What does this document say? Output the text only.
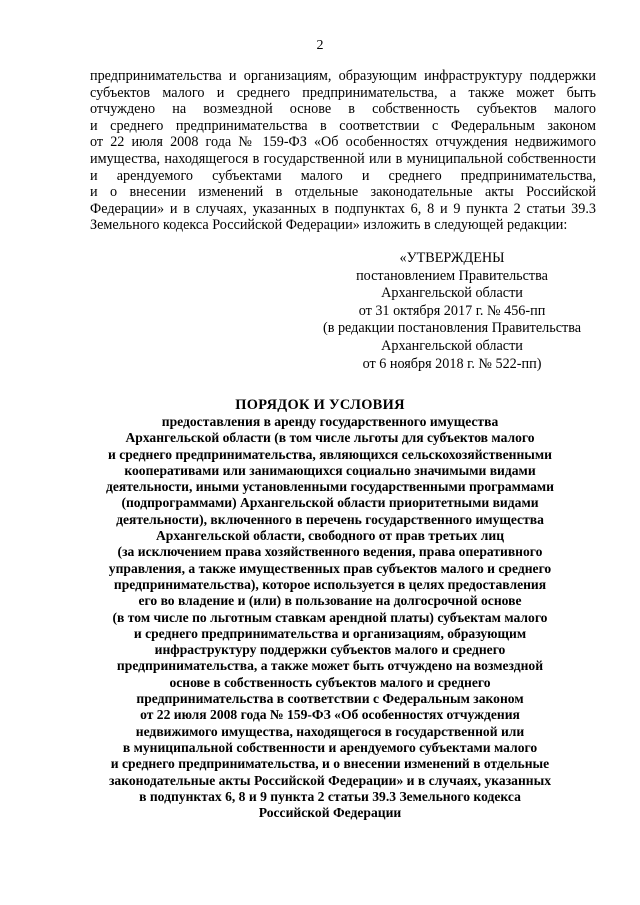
2
предпринимательства и организациям, образующим инфраструктуру поддержки
субъектов малого и среднего предпринимательства, а также может быть
отчуждено на возмездной основе в собственность субъектов малого
и среднего предпринимательства в соответствии с Федеральным законом
от 22 июля 2008 года № 159-ФЗ «Об особенностях отчуждения недвижимого
имущества, находящегося в государственной или в муниципальной собственности
и арендуемого субъектами малого и среднего предпринимательства,
и о внесении изменений в отдельные законодательные акты Российской
Федерации» и в случаях, указанных в подпунктах 6, 8 и 9 пункта 2 статьи 39.3
Земельного кодекса Российской Федерации» изложить в следующей редакции:
«УТВЕРЖДЕНЫ
постановлением Правительства
Архангельской области
от 31 октября 2017 г. № 456-пп
(в редакции постановления Правительства
Архангельской области
от 6 ноября 2018 г. № 522-пп)
ПОРЯДОК И УСЛОВИЯ
предоставления в аренду государственного имущества
Архангельской области (в том числе льготы для субъектов малого
и среднего предпринимательства, являющихся сельскохозяйственными
кооперативами или занимающихся социально значимыми видами
деятельности, иными установленными государственными программами
(подпрограммами) Архангельской области приоритетными видами
деятельности), включенного в перечень государственного имущества
Архангельской области, свободного от прав третьих лиц
(за исключением права хозяйственного ведения, права оперативного
управления, а также имущественных прав субъектов малого и среднего
предпринимательства), которое используется в целях предоставления
его во владение и (или) в пользование на долгосрочной основе
(в том числе по льготным ставкам арендной платы) субъектам малого
и среднего предпринимательства и организациям, образующим
инфраструктуру поддержки субъектов малого и среднего
предпринимательства, а также может быть отчуждено на возмездной
основе в собственность субъектов малого и среднего
предпринимательства в соответствии с Федеральным законом
от 22 июля 2008 года № 159-ФЗ «Об особенностях отчуждения
недвижимого имущества, находящегося в государственной или
в муниципальной собственности и арендуемого субъектами малого
и среднего предпринимательства, и о внесении изменений в отдельные
законодательные акты Российской Федерации» и в случаях, указанных
в подпунктах 6, 8 и 9 пункта 2 статьи 39.3 Земельного кодекса
Российской Федерации
